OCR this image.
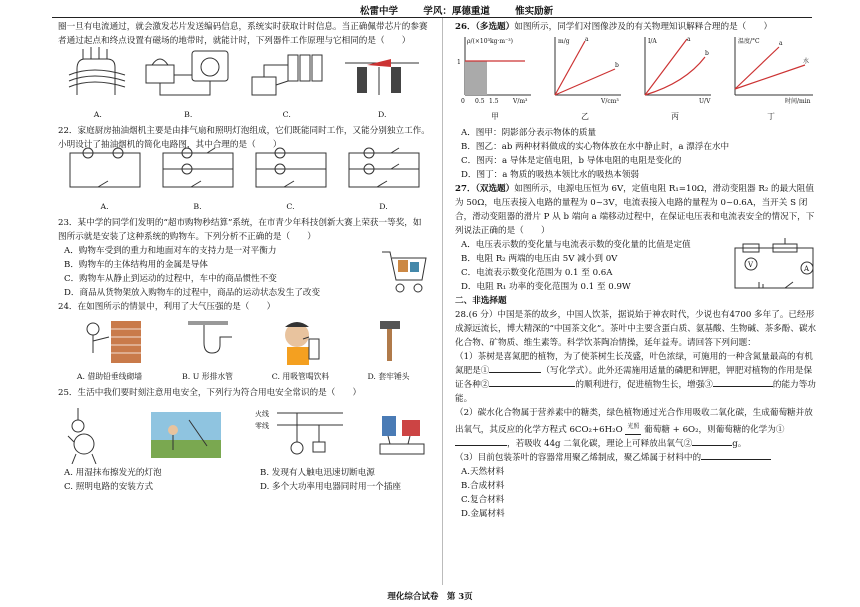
松雷中学	学风：厚德重道	惟实励新

圈一旦有电流通过，就会激发芯片发送编码信息，系统实时获取计时信息。当正确佩带芯片的参赛者通过起点和终点设置有磁场的地带时，就能计时，下列器件工作原理与它相同的是（　　）

A.	B.	C.	D.

22．家庭厨房抽油烟机主要是由排气扇和照明灯泡组成，它们既能同时工作，又能分别独立工作。小明设计了抽油烟机的简化电路图，其中合理的是（　　）

A.	B.	C.	D.

23．某中学的同学们发明的“超市购物秒结算”系统，在市青少年科技创新大赛上荣获一等奖，如图所示就是安装了这种系统的购物车。下列分析不正确的是（　　）

A．购物车受到的重力和地面对车的支持力是一对平衡力

B．购物车的主体结构用的金属是导体

C．购物车从静止到运动的过程中，车中的商品惯性不变

D．商品从货物架放入购物车的过程中，商品的运动状态发生了改变

24．在如图所示的情景中，利用了大气压强的是（　　）

A. 借助铅垂线砌墙	B. U 形排水管	C. 用吸管喝饮料	D. 套牢锤头

25．生活中我们要时刻注意用电安全，下列行为符合用电安全常识的是（　　）

火线
零线
A. 用湿抹布擦发光的灯泡	B. 发现有人触电迅速切断电源
C. 照明电路的安装方式	D. 多个大功率用电器同时用一个插座

26．（多选题）如图所示，同学们对图像涉及的有关物理知识解释合理的是（　　）

ρ/(×10³kg·m⁻³)
V/m³
0 0.5 1.5
1
甲
a
b
m/g
V/cm³
乙
a
b
I/A
U/V
丙
a
水
温度/°C
时间/min
丁

A．图甲：阴影部分表示物体的质量

B．图乙：ab 两种材料做成的实心物体放在水中静止时，a 漂浮在水中

C．图丙：a 导体是定值电阻，b 导体电阻的电阻是变化的

D．图丁：a 物质的吸热本领比水的吸热本领弱

27．（双选题）如图所示，电源电压恒为 6V，定值电阻 R₁=10Ω，滑动变阻器 R₂ 的最大阻值为 50Ω，电压表接入电路的量程为 0~3V，电流表接入电路的量程为 0~0.6A，当开关 S 闭合，滑动变阻器的滑片 P 从 b 端向 a 端移动过程中，在保证电压表和电流表安全的情况下，下列说法正确的是（　　）

A．电压表示数的变化量与电流表示数的变化量的比值是定值

B．电阻 R₂ 两端的电压由 5V 减小到 0V

C．电流表示数变化范围为 0.1 至 0.6A

D．电阻 R₁ 功率的变化范围为 0.1 至 0.9W

V	A

二、非选择题

28.(6 分）中国是茶的故乡，中国人饮茶，据说始于神农时代，少说也有4700 多年了。已经形成源远流长，博大精深的“中国茶文化”。茶叶中主要含蛋白质、氨基酸、生物碱、茶多酚、碳水化合物、矿物质、维生素等。科学饮茶陶冶情操，延年益寿。请回答下列问题：

（1）茶树是喜氮肥的植物，为了使茶树生长茂盛，叶色浓绿，可施用的一种含氮量最高的有机氮肥是①	（写化学式）。此外还需施用适量的磷肥和钾肥，钾肥对植物的作用是保证各种②	的顺利进行，促进植物生长，增强③	的能力等功能。

（2）碳水化合物属于营养素中的糖类，绿色植物通过光合作用吸收二氧化碳，生成葡萄糖并放出氧气，其反应的化学方程式 6CO₂+6H₂O 光照 葡萄糖 + 6O₂，则葡萄糖的化学为①，若吸收 44g 二氧化碳，理论上可释放出氧气②	g。

（3）目前包装茶叶的容器常用聚乙烯制成，聚乙烯属于材料中的

A.天然材料

B.合成材料

C.复合材料

D.金属材料

理化综合试卷　第 3页
